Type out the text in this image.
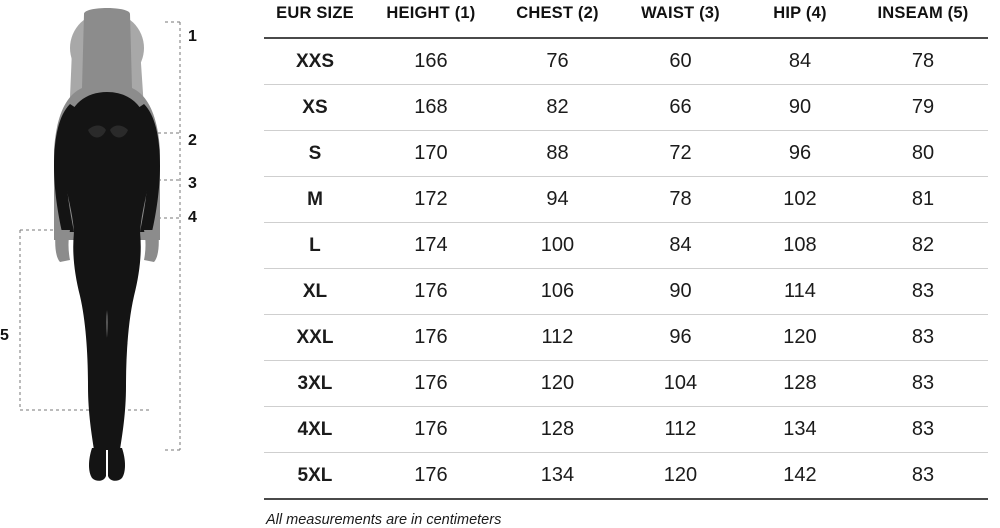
1
2
3
4
5
EUR SIZE	HEIGHT (1)	CHEST (2)	WAIST (3)	HIP (4)	INSEAM (5)
XXS	166	76	60	84	78
XS	168	82	66	90	79
S	170	88	72	96	80
M	172	94	78	102	81
L	174	100	84	108	82
XL	176	106	90	114	83
XXL	176	112	96	120	83
3XL	176	120	104	128	83
4XL	176	128	112	134	83
5XL	176	134	120	142	83
All measurements are in centimeters
